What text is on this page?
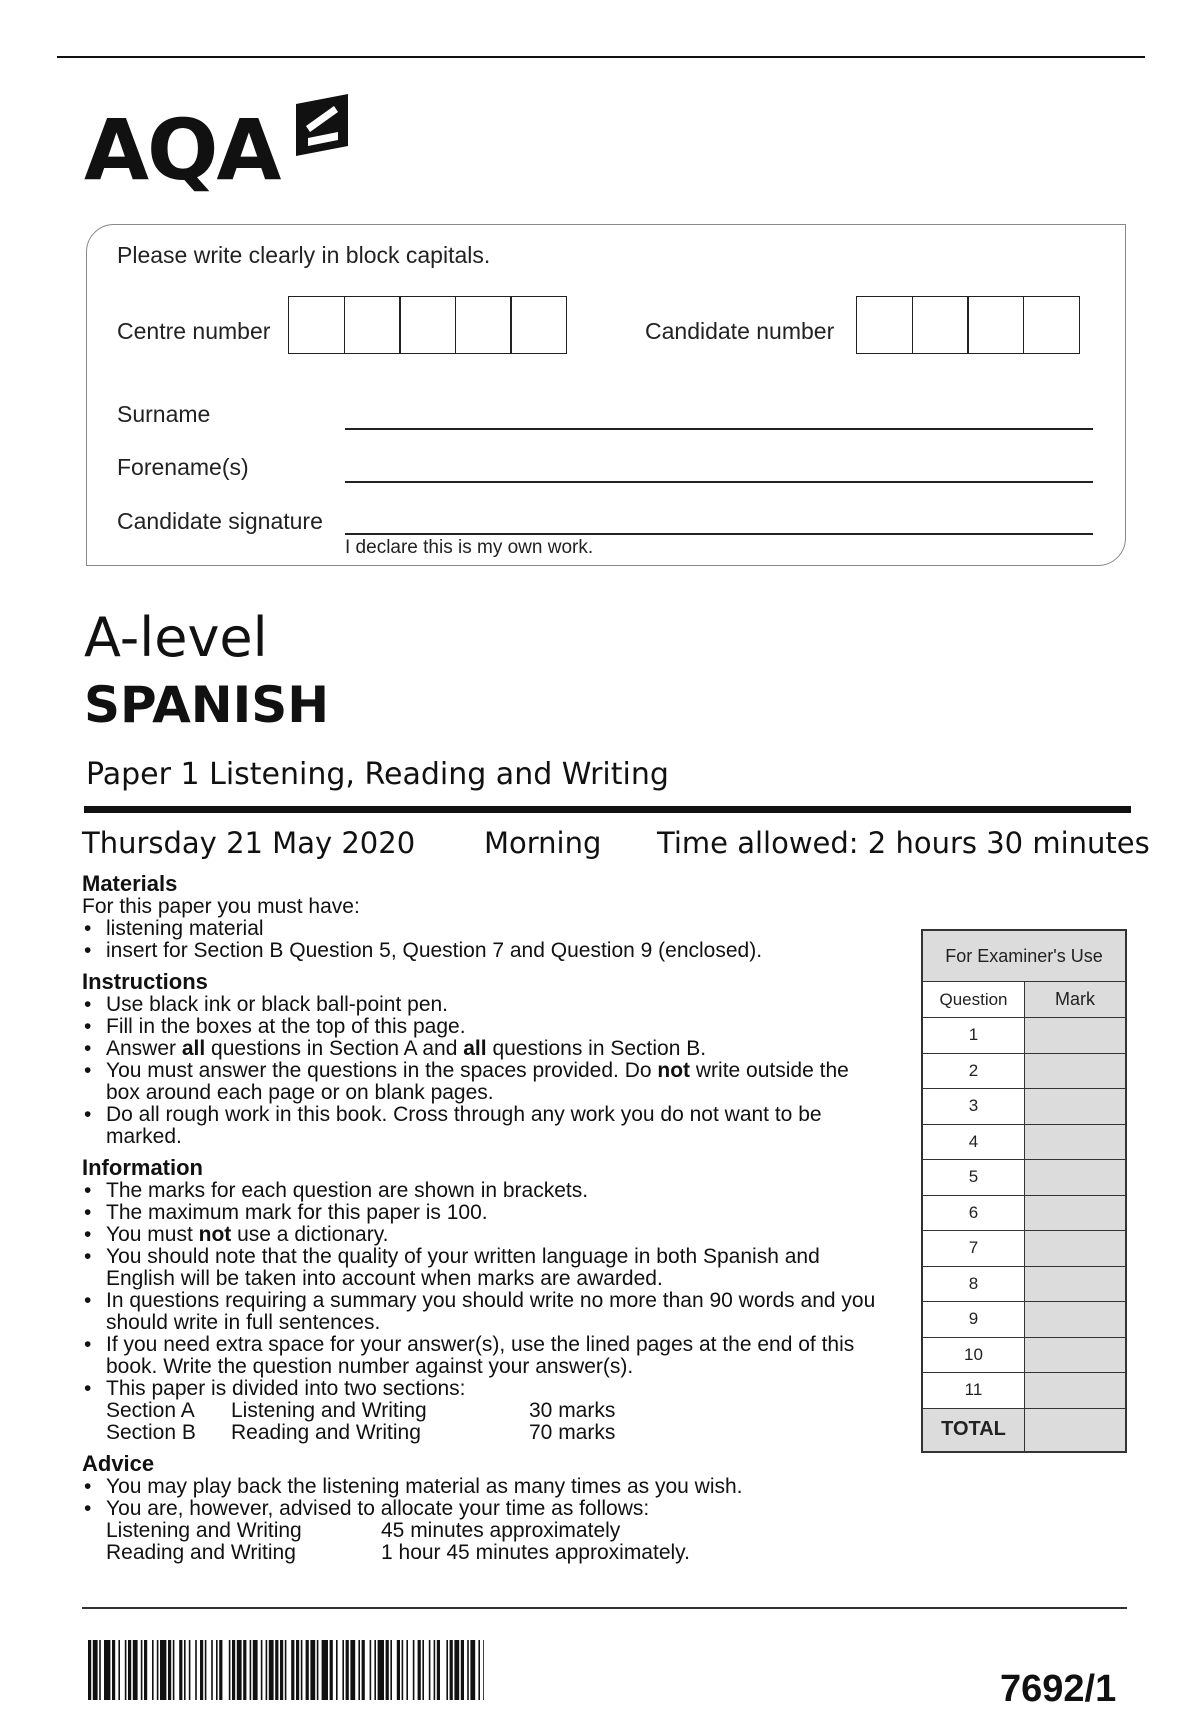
AQA
Please write clearly in block capitals.
Centre number	Candidate number
Surname
Forename(s)
Candidate signature
I declare this is my own work.
A-level
SPANISH
Paper 1 Listening, Reading and Writing
Thursday 21 May 2020 Morning Time allowed: 2 hours 30 minutes
Materials

For this paper you must have:

• listening material
• insert for Section B Question 5, Question 7 and Question 9 (enclosed).
Instructions
• Use black ink or black ball-point pen.
• Fill in the boxes at the top of this page.
• Answer all questions in Section A and all questions in Section B.
• You must answer the questions in the spaces provided. Do not write outside the box around each page or on blank pages.
• Do all rough work in this book. Cross through any work you do not want to be marked.
Information
• The marks for each question are shown in brackets.
• The maximum mark for this paper is 100.
• You must not use a dictionary.
• You should note that the quality of your written language in both Spanish and English will be taken into account when marks are awarded.
• In questions requiring a summary you should write no more than 90 words and you should write in full sentences.
• If you need extra space for your answer(s), use the lined pages at the end of this book. Write the question number against your answer(s).
• This paper is divided into two sections:
Section A	Listening and Writing	30 marks
Section B	Reading and Writing	70 marks
Advice
• You may play back the listening material as many times as you wish.
• You are, however, advised to allocate your time as follows:
Listening and Writing	45 minutes approximately
Reading and Writing	1 hour 45 minutes approximately.
For Examiner's Use
Question	Mark
1
2
3
4
5
6
7
8
9
10
11
TOTAL
7692/1
